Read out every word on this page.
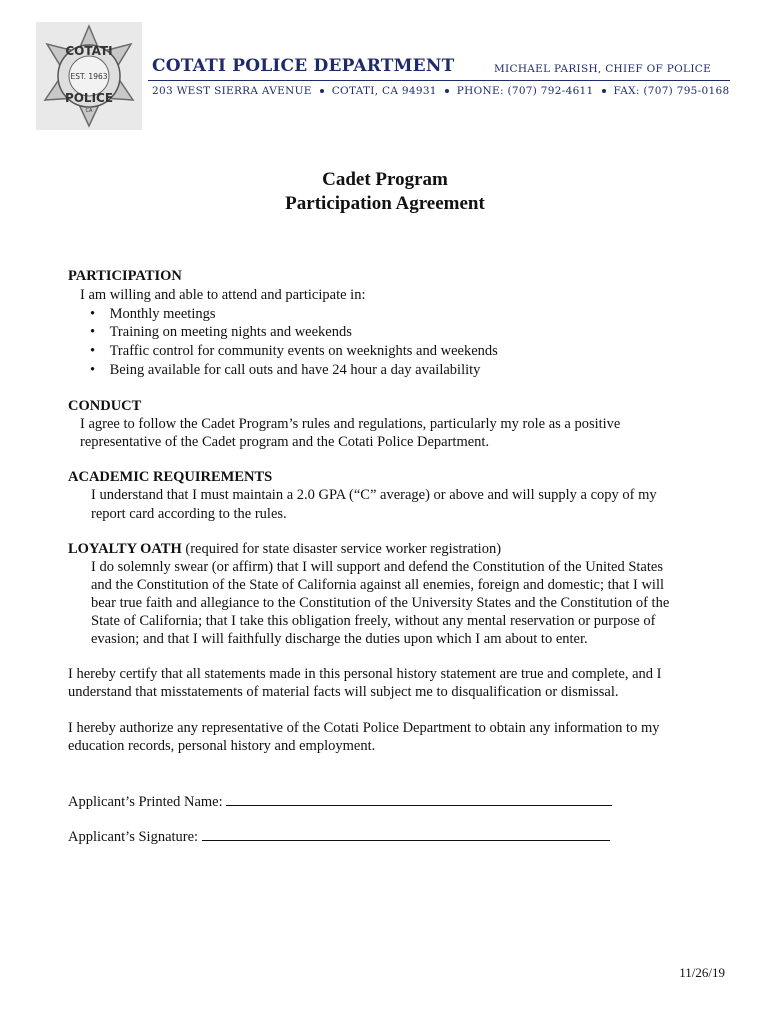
COTATI
EST. 1963
POLICE
CA
COTATI POLICE DEPARTMENT	MICHAEL PARISH, CHIEF OF POLICE
203 WEST SIERRA AVENUE COTATI, CA 94931 PHONE: (707) 792-4611 FAX: (707) 795-0168
Cadet Program
Participation Agreement
PARTICIPATION
I am willing and able to attend and participate in:
•    Monthly meetings
•    Training on meeting nights and weekends
•    Traffic control for community events on weeknights and weekends
•    Being available for call outs and have 24 hour a day availability
CONDUCT
I agree to follow the Cadet Program’s rules and regulations, particularly my role as a positive
representative of the Cadet program and the Cotati Police Department.
ACADEMIC REQUIREMENTS
I understand that I must maintain a 2.0 GPA (“C” average) or above and will supply a copy of my
report card according to the rules.
LOYALTY OATH (required for state disaster service worker registration)
I do solemnly swear (or affirm) that I will support and defend the Constitution of the United States
and the Constitution of the State of California against all enemies, foreign and domestic; that I will
bear true faith and allegiance to the Constitution of the University States and the Constitution of the
State of California; that I take this obligation freely, without any mental reservation or purpose of
evasion; and that I will faithfully discharge the duties upon which I am about to enter.
I hereby certify that all statements made in this personal history statement are true and complete, and I
understand that misstatements of material facts will subject me to disqualification or dismissal.
I hereby authorize any representative of the Cotati Police Department to obtain any information to my
education records, personal history and employment.
Applicant’s Printed Name:
Applicant’s Signature:
11/26/19
